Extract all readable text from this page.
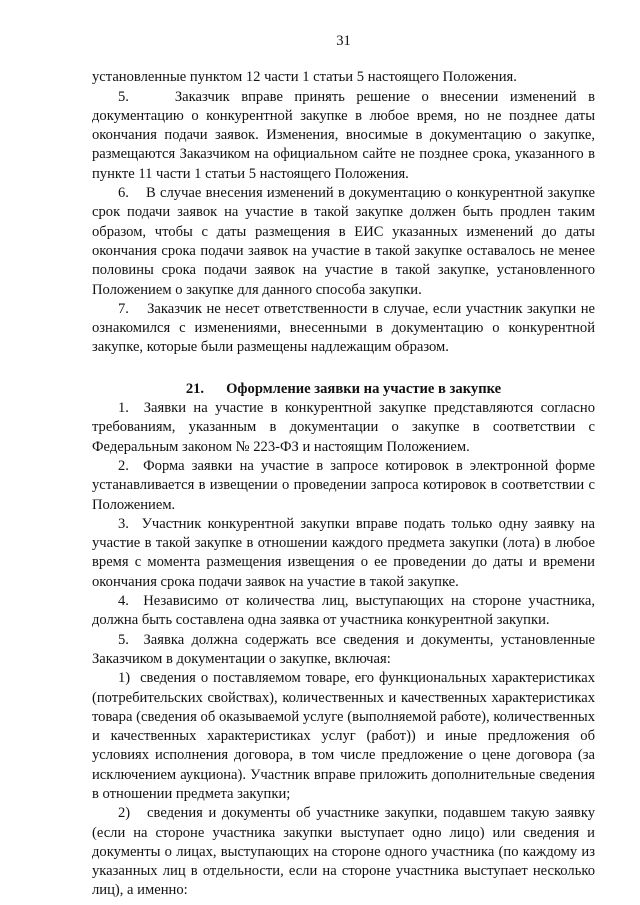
31

установленные пунктом 12 части 1 статьи 5 настоящего Положения.

5.    Заказчик вправе принять решение о внесении изменений в документацию о конкурентной закупке в любое время, но не позднее даты окончания подачи заявок. Изменения, вносимые в документацию о закупке, размещаются Заказчиком на официальном сайте не позднее срока, указанного в пункте 11 части 1 статьи 5 настоящего Положения.

6.    В случае внесения изменений в документацию о конкурентной закупке срок подачи заявок на участие в такой закупке должен быть продлен таким образом, чтобы с даты размещения в ЕИС указанных изменений до даты окончания срока подачи заявок на участие в такой закупке оставалось не менее половины срока подачи заявок на участие в такой закупке, установленного Положением о закупке для данного способа закупки.

7.    Заказчик не несет ответственности в случае, если участник закупки не ознакомился с изменениями, внесенными в документацию о конкурентной закупке, которые были размещены надлежащим образом.

21. Оформление заявки на участие в закупке

1.  Заявки на участие в конкурентной закупке представляются согласно требованиям, указанным в документации о закупке в соответствии с Федеральным законом № 223-ФЗ и настоящим Положением.

2.  Форма заявки на участие в запросе котировок в электронной форме устанавливается в извещении о проведении запроса котировок в соответствии с Положением.

3.  Участник конкурентной закупки вправе подать только одну заявку на участие в такой закупке в отношении каждого предмета закупки (лота) в любое время с момента размещения извещения о ее проведении до даты и времени окончания срока подачи заявок на участие в такой закупке.

4.  Независимо от количества лиц, выступающих на стороне участника, должна быть составлена одна заявка от участника конкурентной закупки.

5.  Заявка должна содержать все сведения и документы, установленные Заказчиком в документации о закупке, включая:

1)  сведения о поставляемом товаре, его функциональных характеристиках (потребительских свойствах), количественных и качественных характеристиках товара (сведения об оказываемой услуге (выполняемой работе), количественных и качественных характеристиках услуг (работ)) и иные предложения об условиях исполнения договора, в том числе предложение о цене договора (за исключением аукциона). Участник вправе приложить дополнительные сведения в отношении предмета закупки;

2)   сведения и документы об участнике закупки, подавшем такую заявку (если на стороне участника закупки выступает одно лицо) или сведения и документы о лицах, выступающих на стороне одного участника (по каждому из указанных лиц в отдельности, если на стороне участника выступает несколько лиц), а именно:
